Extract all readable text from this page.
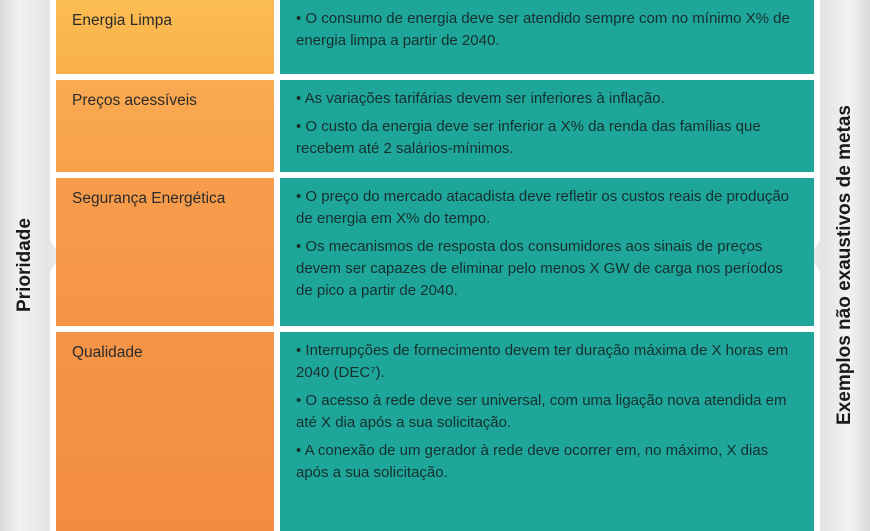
Prioridade	Exemplos não exaustivos de metas
Energia Limpa	• O consumo de energia deve ser atendido sempre com no mínimo X% de energia limpa a partir de 2040.
Preços acessíveis	• As variações tarifárias devem ser inferiores à inflação.
• O custo da energia deve ser inferior a X% da renda das famílias que recebem até 2 salários-mínimos.
Segurança Energética	• O preço do mercado atacadista deve refletir os custos reais de produção de energia em X% do tempo.
• Os mecanismos de resposta dos consumidores aos sinais de preços devem ser capazes de eliminar pelo menos X GW de carga nos períodos de pico a partir de 2040.
Qualidade	• Interrupções de fornecimento devem ter duração máxima de X horas em 2040 (DEC⁷).
• O acesso à rede deve ser universal, com uma ligação nova atendida em até X dia após a sua solicitação.
• A conexão de um gerador à rede deve ocorrer em, no máximo, X dias após a sua solicitação.
